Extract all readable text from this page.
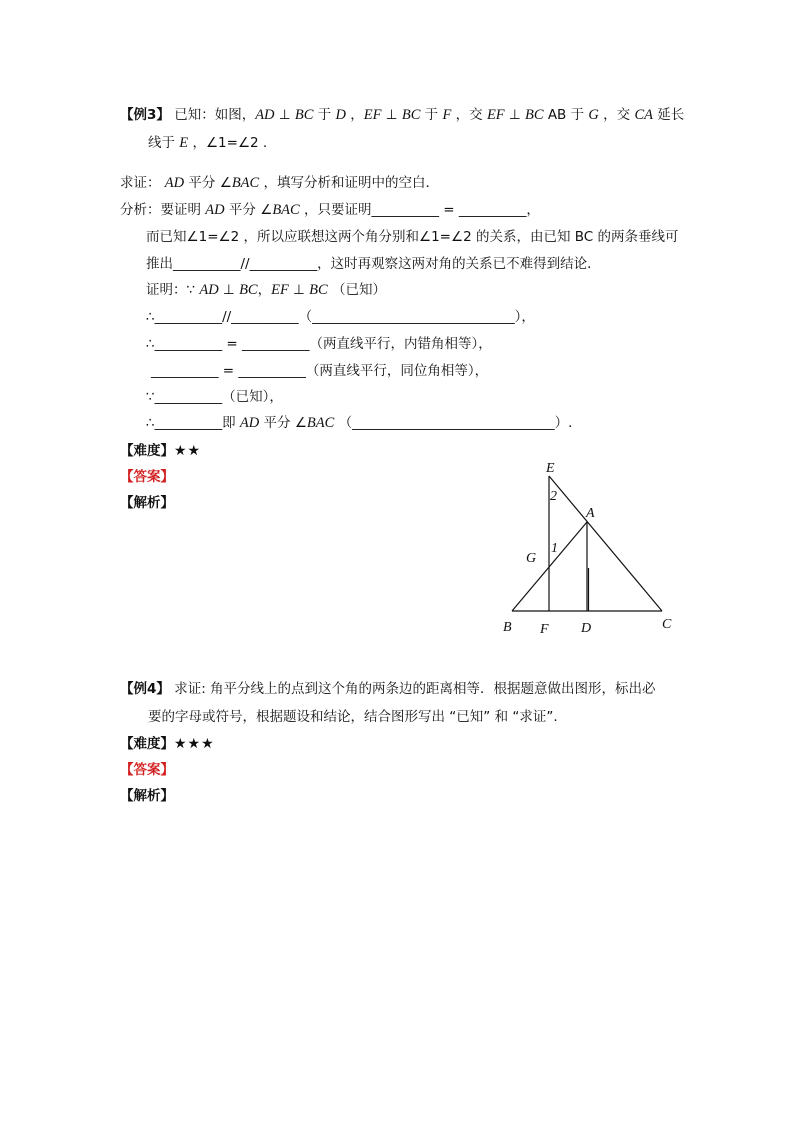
【例3】 已知：如图，AD ⊥ BC 于 D ，EF ⊥ BC 于 F ，交 EF ⊥ BC AB 于 G ，交 CA 延长
线于 E ，∠1=∠2 .
求证： AD 平分 ∠BAC ，填写分析和证明中的空白．
分析：要证明 AD 平分 ∠BAC ，只要证明__________ = __________，
而已知∠1=∠2 ，所以应联想这两个角分别和∠1=∠2 的关系，由已知 BC 的两条垂线可
推出__________//__________，这时再观察这两对角的关系已不难得到结论．
证明：∵ AD ⊥ BC，EF ⊥ BC （已知）
∴__________//__________（______________________________），
∴__________ = __________（两直线平行，内错角相等），
__________ = __________（两直线平行，同位角相等），
∵__________（已知），
∴__________即 AD 平分 ∠BAC （______________________________）.
【难度】★★
【答案】
【解析】
E
2
A
G
1
B F D	C
【例4】 求证: 角平分线上的点到这个角的两条边的距离相等．根据题意做出图形，标出必
要的字母或符号，根据题设和结论，结合图形写出 “已知” 和 “求证”.
【难度】★★★
【答案】
【解析】
